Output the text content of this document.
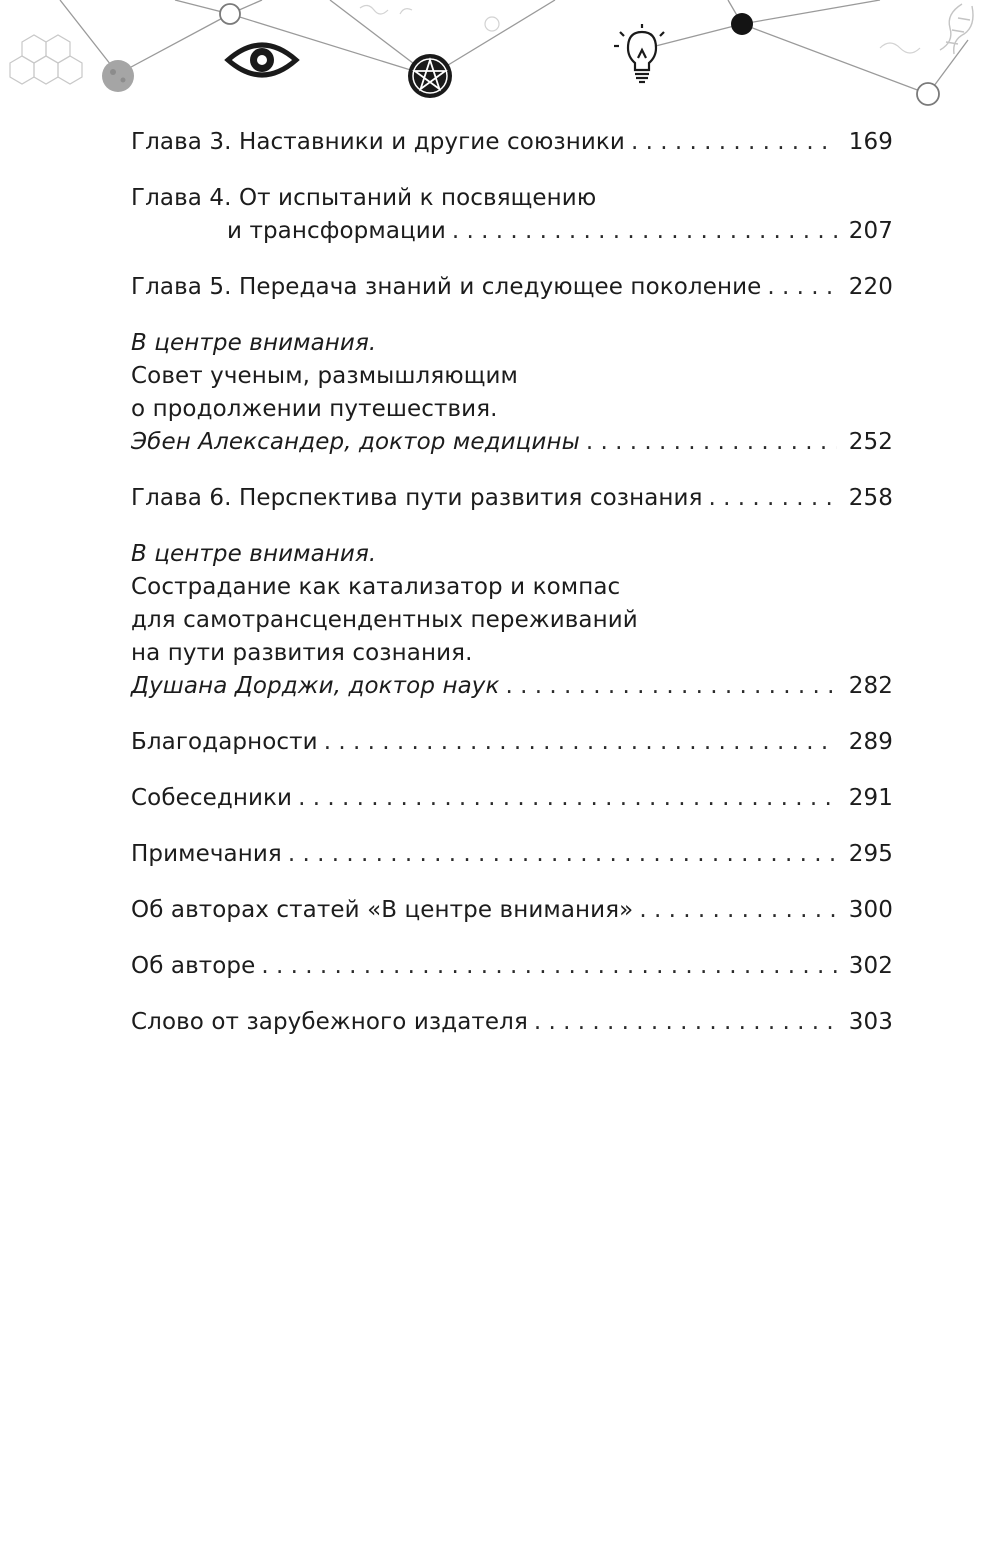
Глава 3. Наставники и другие союзники . . .	169
Глава 4. От испытаний к посвящению
и трансформации . . .	207
Глава 5. Передача знаний и следующее поколение . . .	220
В центре внимания.
Совет ученым, размышляющим
о продолжении путешествия.
Эбен Александер, доктор медицины . . .	252
Глава 6. Перспектива пути развития сознания . . .	258
В центре внимания.
Сострадание как катализатор и компас
для самотрансцендентных переживаний
на пути развития сознания.
Душана Дорджи, доктор наук . . .	282
Благодарности . . .	289
Собеседники . . .	291
Примечания . . .	295
Об авторах статей «В центре внимания» . . .	300
Об авторе . . .	302
Слово от зарубежного издателя . . .	303
